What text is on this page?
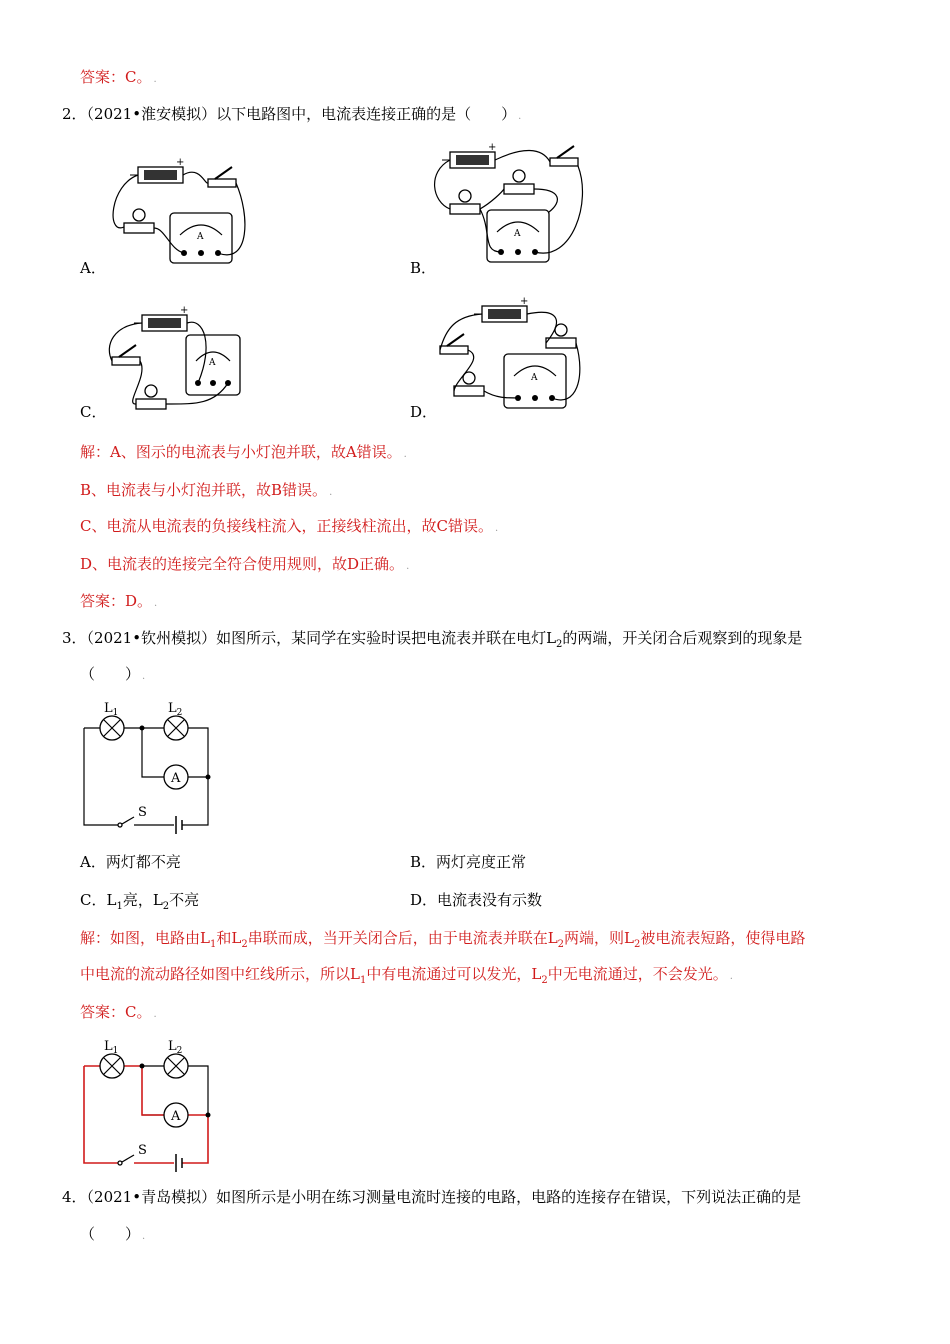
答案：C。 .
2．（2021•淮安模拟）以下电路图中，电流表连接正确的是（　　） .
+
A
A．
+
A
B．
+
A
C．
+
A
D．
解：A、图示的电流表与小灯泡并联，故A错误。 .
B、电流表与小灯泡并联，故B错误。 .
C、电流从电流表的负接线柱流入，正接线柱流出，故C错误。 .
D、电流表的连接完全符合使用规则，故D正确。 .
答案：D。 .
3．（2021•钦州模拟）如图所示，某同学在实验时误把电流表并联在电灯$L_2$的两端，开关闭合后观察到的现象是
（　　） .
A
S
$L_1$	$L_2$
A．两灯都不亮	B．两灯亮度正常
C．$L_1$亮，$L_2$不亮	D．电流表没有示数
解：如图，电路由$L_1$和$L_2$串联而成，当开关闭合后，由于电流表并联在$L_2$两端，则$L_2$被电流表短路，使得电路
中电流的流动路径如图中红线所示，所以$L_1$中有电流通过可以发光，$L_2$中无电流通过，不会发光。 .
答案：C。 .
A
S
$L_1$	$L_2$
4．（2021•青岛模拟）如图所示是小明在练习测量电流时连接的电路，电路的连接存在错误，下列说法正确的是
（　　） .
